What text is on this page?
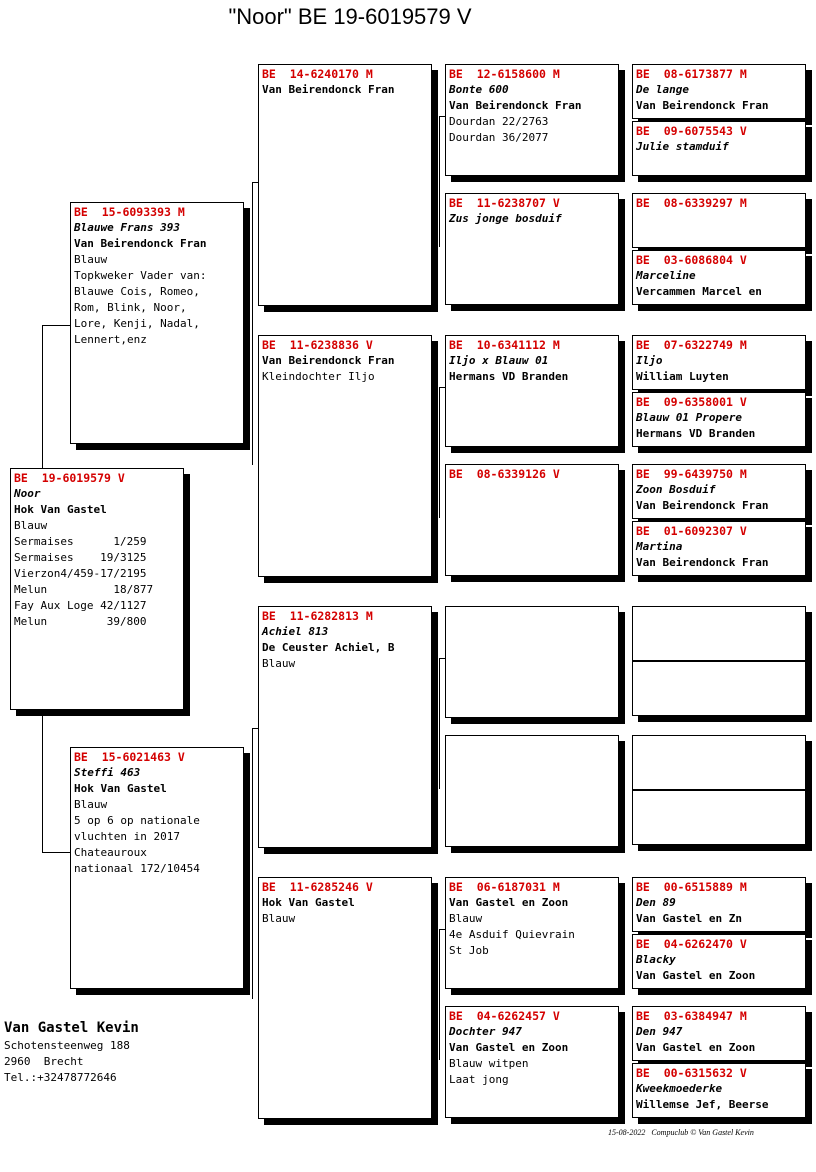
"Noor" BE 19-6019579 V
BE  19-6019579 V
Noor
Hok Van Gastel
Blauw
Sermaises      1/259
Sermaises    19/3125
Vierzon4/459-17/2195
Melun          18/877
Fay Aux Loge 42/1127
Melun         39/800
BE  15-6093393 M
Blauwe Frans 393
Van Beirendonck Fran
Blauw
Topkweker Vader van:
Blauwe Cois, Romeo,
Rom, Blink, Noor,
Lore, Kenji, Nadal,
Lennert,enz
BE  15-6021463 V
Steffi 463
Hok Van Gastel
Blauw
5 op 6 op nationale
vluchten in 2017
Chateauroux
nationaal 172/10454
BE  14-6240170 M
Van Beirendonck Fran
BE  11-6238836 V
Van Beirendonck Fran
Kleindochter Iljo
BE  11-6282813 M
Achiel 813
De Ceuster Achiel, B
Blauw
BE  11-6285246 V
Hok Van Gastel
Blauw
BE  12-6158600 M
Bonte 600
Van Beirendonck Fran
Dourdan 22/2763
Dourdan 36/2077
BE  11-6238707 V
Zus jonge bosduif
BE  10-6341112 M
Iljo x Blauw 01
Hermans VD Branden
BE  08-6339126 V
BE  06-6187031 M
Van Gastel en Zoon
Blauw
4e Asduif Quievrain
St Job
BE  04-6262457 V
Dochter 947
Van Gastel en Zoon
Blauw witpen
Laat jong
BE  08-6173877 M
De lange
Van Beirendonck Fran
BE  09-6075543 V
Julie stamduif
BE  08-6339297 M
BE  03-6086804 V
Marceline
Vercammen Marcel en
BE  07-6322749 M
Iljo
William Luyten
BE  09-6358001 V
Blauw 01 Propere
Hermans VD Branden
BE  99-6439750 M
Zoon Bosduif
Van Beirendonck Fran
BE  01-6092307 V
Martina
Van Beirendonck Fran
BE  00-6515889 M
Den 89
Van Gastel en Zn
BE  04-6262470 V
Blacky
Van Gastel en Zoon
BE  03-6384947 M
Den 947
Van Gastel en Zoon
BE  00-6315632 V
Kweekmoederke
Willemse Jef, Beerse
Van Gastel Kevin
Schotensteenweg 188
2960  Brecht
Tel.:+32478772646
15-08-2022   Compuclub © Van Gastel Kevin
